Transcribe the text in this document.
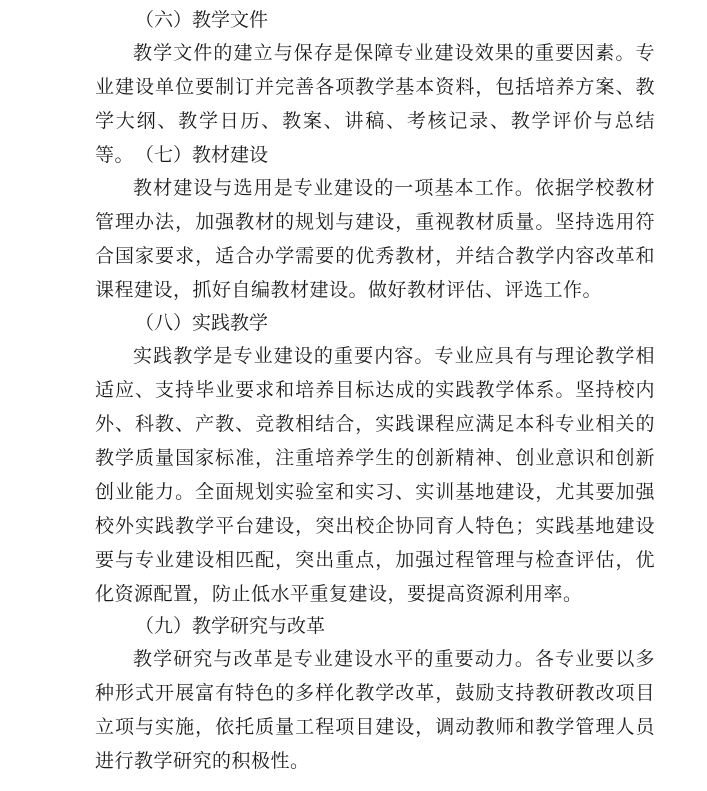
（六）教学文件

教学文件的建立与保存是保障专业建设效果的重要因素。专业建设单位要制订并完善各项教学基本资料，包括培养方案、教学大纲、教学日历、教案、讲稿、考核记录、教学评价与总结等。 （七）教材建设

教材建设与选用是专业建设的一项基本工作。依据学校教材管理办法，加强教材的规划与建设，重视教材质量。坚持选用符合国家要求，适合办学需要的优秀教材，并结合教学内容改革和课程建设，抓好自编教材建设。做好教材评估、评选工作。

（八）实践教学

实践教学是专业建设的重要内容。专业应具有与理论教学相适应、支持毕业要求和培养目标达成的实践教学体系。坚持校内外、科教、产教、竞教相结合，实践课程应满足本科专业相关的教学质量国家标准，注重培养学生的创新精神、创业意识和创新创业能力。全面规划实验室和实习、实训基地建设，尤其要加强校外实践教学平台建设，突出校企协同育人特色；实践基地建设要与专业建设相匹配，突出重点，加强过程管理与检查评估，优化资源配置，防止低水平重复建设，要提高资源利用率。

（九）教学研究与改革

教学研究与改革是专业建设水平的重要动力。各专业要以多种形式开展富有特色的多样化教学改革，鼓励支持教研教改项目立项与实施，依托质量工程项目建设，调动教师和教学管理人员进行教学研究的积极性。
